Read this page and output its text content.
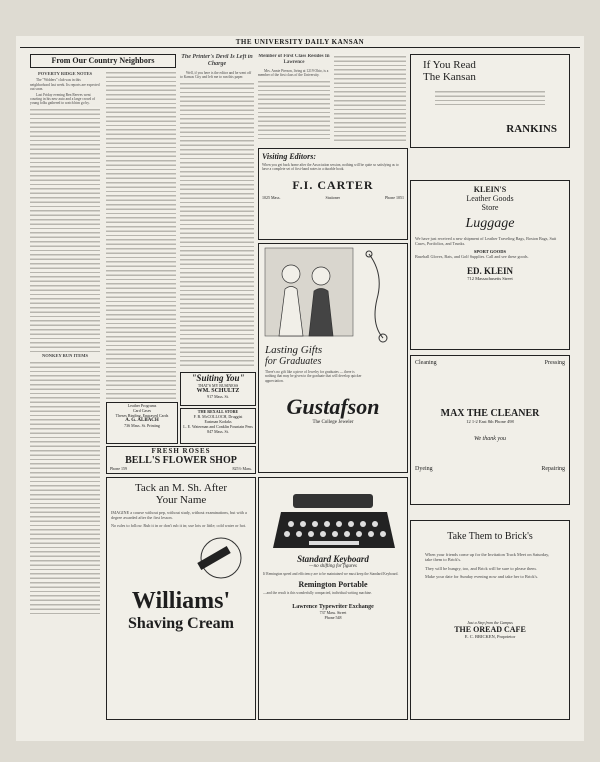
THE UNIVERSITY DAILY KANSAN
From Our Country Neighbors
POVERTY RIDGE NOTES

The "Widders" club was in this neighborhood last week. Its reports are expected out soon.

Last Friday evening Ben Reeves went courting in his new auto and a large crowd of young folks gathered to watch him go by.

NONKEY RUN ITEMS
The Printer's Devil Is Left in Charge

Well, if you here is the editor and he went off to Kansas City and left me to run this paper.

Member of First Class Resides In Lawrence

Mrs. Annie Pierson, living at 1219 Ohio, is a member of the first class of the University.

Visiting Editors:
When you get back home after the Association session, nothing will be quite so satisfying as to have a complete set of first-hand notes in a durable book.
F.I. CARTER
1025 Mass.	Stationer	Phone 1051
Lasting Gifts
for Graduates
There's no gift like a piece of Jewelry for graduates — there is nothing that may be given to the graduate that will develop quicker appreciation.
Gustafson
The College Jeweler
"Suiting You"
THAT'S MY BUSINESS
WM. SCHULTZ
917 Mass. St.
THE REXALL STORE
F. B. McCOLLOCH, Druggist
Eastman Kodaks
L. E. Waterman and Conklin Fountain Pens
847 Mass. St.
Leather Programs
Card Cases
Theses Binding, Engraved Cards
A. G. ALBACH
736 Mass. St. Printing
FRESH ROSES
BELL'S FLOWER SHOP
Phone 159	825½ Mass.
Tack an M. Sh. After
Your Name
IMAGINE a course without pep, without study, without examinations, but with a degree awarded after the first lesson.
No rules to follow. Rub it in or don't rub it in; use lots or little; cold water or hot.
Williams'
Shaving Cream
Standard Keyboard
—no shifting for figures
If Remington speed and efficiency are to be maintained we must keep the Standard Keyboard.
Remington Portable
—and the result is this wonderfully compacted, individual writing machine.
Lawrence Typewriter Exchange
737 Mass. Street
Phone 548
If You Read
The Kansan
RANKINS
KLEIN'S
Leather Goods
Store
Luggage
We have just received a new shipment of Leather Traveling Bags, Boston Bags, Suit Cases, Portfolios, and Trunks.
SPORT GOODS
Baseball Gloves, Bats, and Golf Supplies. Call and see these goods.
ED. KLEIN
712 Massachusetts Street
Cleaning	Pressing
MAX THE CLEANER
12 1-2 East 8th Phone 498
We thank you
Dyeing	Repairing
Take Them to Brick's
When your friends come up for the Invitation Track Meet on Saturday, take them to Brick's.
They will be hungry, too, and Brick will be sure to please them.
Make your date for Sunday evening now and take her to Brick's.
Just a Step from the Campus
THE OREAD CAFE
E. C. BRICKEN, Proprietor
